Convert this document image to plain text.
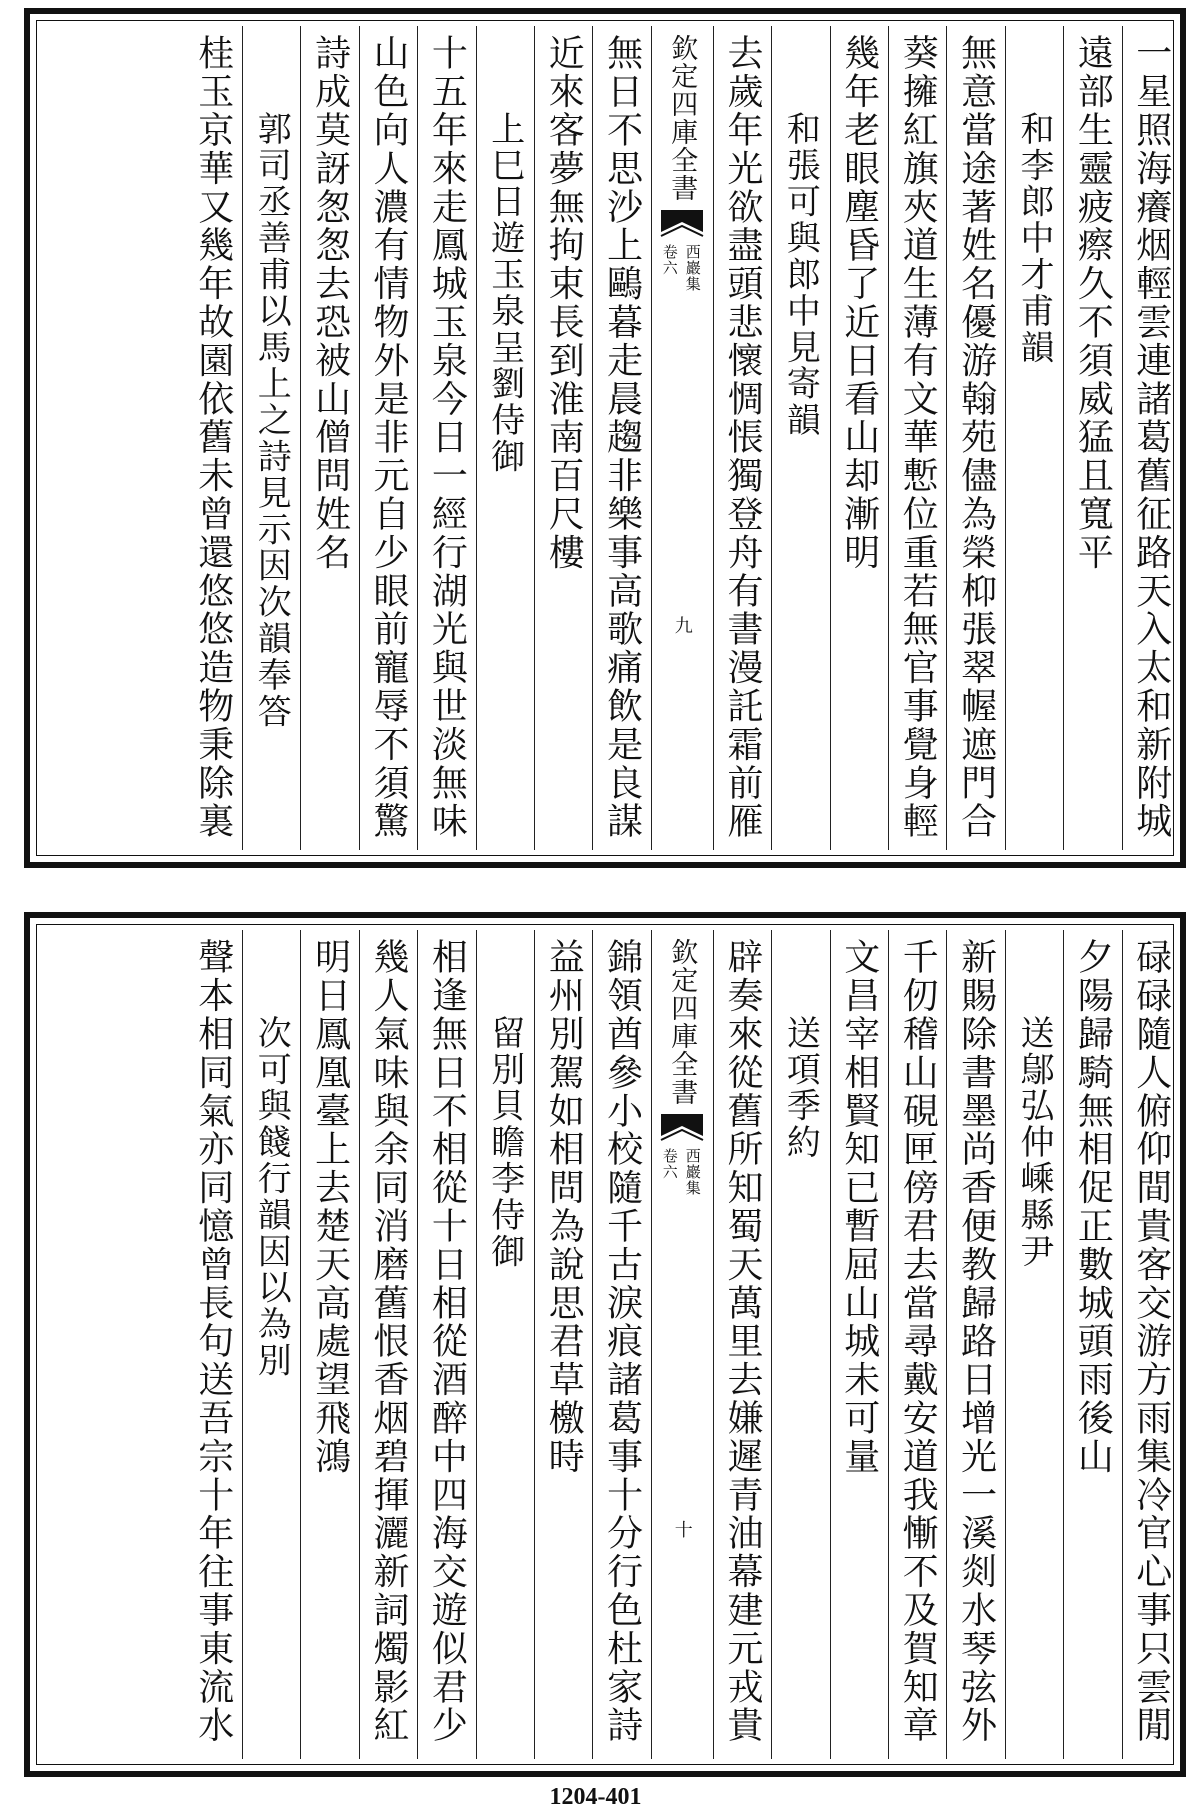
一星照海癢烟輕雲連諸葛舊征路天入太和新附城
遠部生靈疲瘵久不須威猛且寬平
和李郎中才甫韻
無意當途著姓名優游翰苑儘為榮枊張翠幄遮門合
葵擁紅旗夾道生薄有文華慙位重若無官事覺身輕
幾年老眼塵昏了近日看山却漸明
和張可與郎中見寄韻
去歲年光欲盡頭悲懷惆悵獨登舟有書漫託霜前雁
欽定四庫全書
西巖集
卷六
九
無日不思沙上鷗暮走晨趨非樂事高歌痛飲是良謀
近來客夢無拘束長到淮南百尺樓
上巳日遊玉泉呈劉侍御
十五年來走鳳城玉泉今日一經行湖光與世淡無味
山色向人濃有情物外是非元自少眼前寵辱不須驚
詩成莫訝怱怱去恐被山僧問姓名
郭司丞善甫以馬上之詩見示因次韻奉答
桂玉京華又幾年故園依舊未曾還悠悠造物秉除裏
碌碌隨人俯仰間貴客交游方雨集冷官心事只雲閒
夕陽歸騎無相促正數城頭雨後山
送鄔弘仲嵊縣尹
新賜除書墨尚香便教歸路日增光一溪剡水琴弦外
千仞稽山硯匣傍君去當尋戴安道我慚不及賀知章
文昌宰相賢知已暫屈山城未可量
送項季約
辟奏來從舊所知蜀天萬里去嫌遲青油幕建元戎貴
欽定四庫全書
西巖集
卷六
十
錦領酋參小校隨千古淚痕諸葛事十分行色杜家詩
益州別駕如相問為說思君草檄時
留別貝瞻李侍御
相逢無日不相從十日相從酒醉中四海交遊似君少
幾人氣味與余同消磨舊恨香烟碧揮灑新詞燭影紅
明日鳳凰臺上去楚天高處望飛鴻
次可與餞行韻因以為別
聲本相同氣亦同憶曾長句送吾宗十年往事東流水
1204-401
